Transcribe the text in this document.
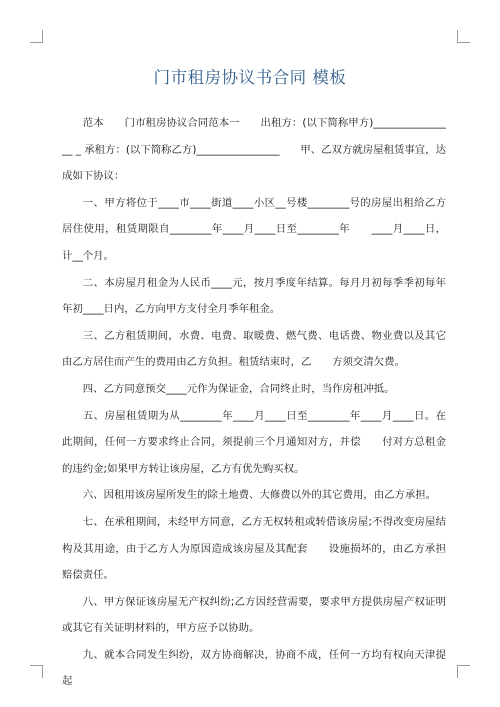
门市租房协议书合同 模板

范本　　门市租房协议合同范本一　　出租方：(以下简称甲方)________________ _ 承租方：(以下简称乙方)________________　　甲、乙双方就房屋租赁事宜，达成如下协议：

一、甲方将位于____市____街道____小区__号楼________号的房屋出租给乙方居住使用，租赁期限自________年____月____日至________年　　____月____日，计__个月。

二、本房屋月租金为人民币____元，按月季度年结算。每月月初每季季初每年年初____日内，乙方向甲方支付全月季年租金。

三、乙方租赁期间，水费、电费、取暖费、燃气费、电话费、物业费以及其它由乙方居住而产生的费用由乙方负担。租赁结束时，乙　　方须交清欠费。

四、乙方同意预交____元作为保证金，合同终止时，当作房租冲抵。

五、房屋租赁期为从________年____月____日至________年____月____日。在此期间，任何一方要求终止合同，须提前三个月通知对方，并偿　　付对方总租金 的违约金;如果甲方转让该房屋，乙方有优先购买权。

六、因租用该房屋所发生的除土地费、大修费以外的其它费用，由乙方承担。

七、在承租期间，未经甲方同意，乙方无权转租或转借该房屋;不得改变房屋结构及其用途，由于乙方人为原因造成该房屋及其配套　　设施损坏的，由乙方承担赔偿责任。

八、甲方保证该房屋无产权纠纷;乙方因经营需要，要求甲方提供房屋产权证明或其它有关证明材料的，甲方应予以协助。

九、就本合同发生纠纷，双方协商解决，协商不成，任何一方均有权向天津提起
